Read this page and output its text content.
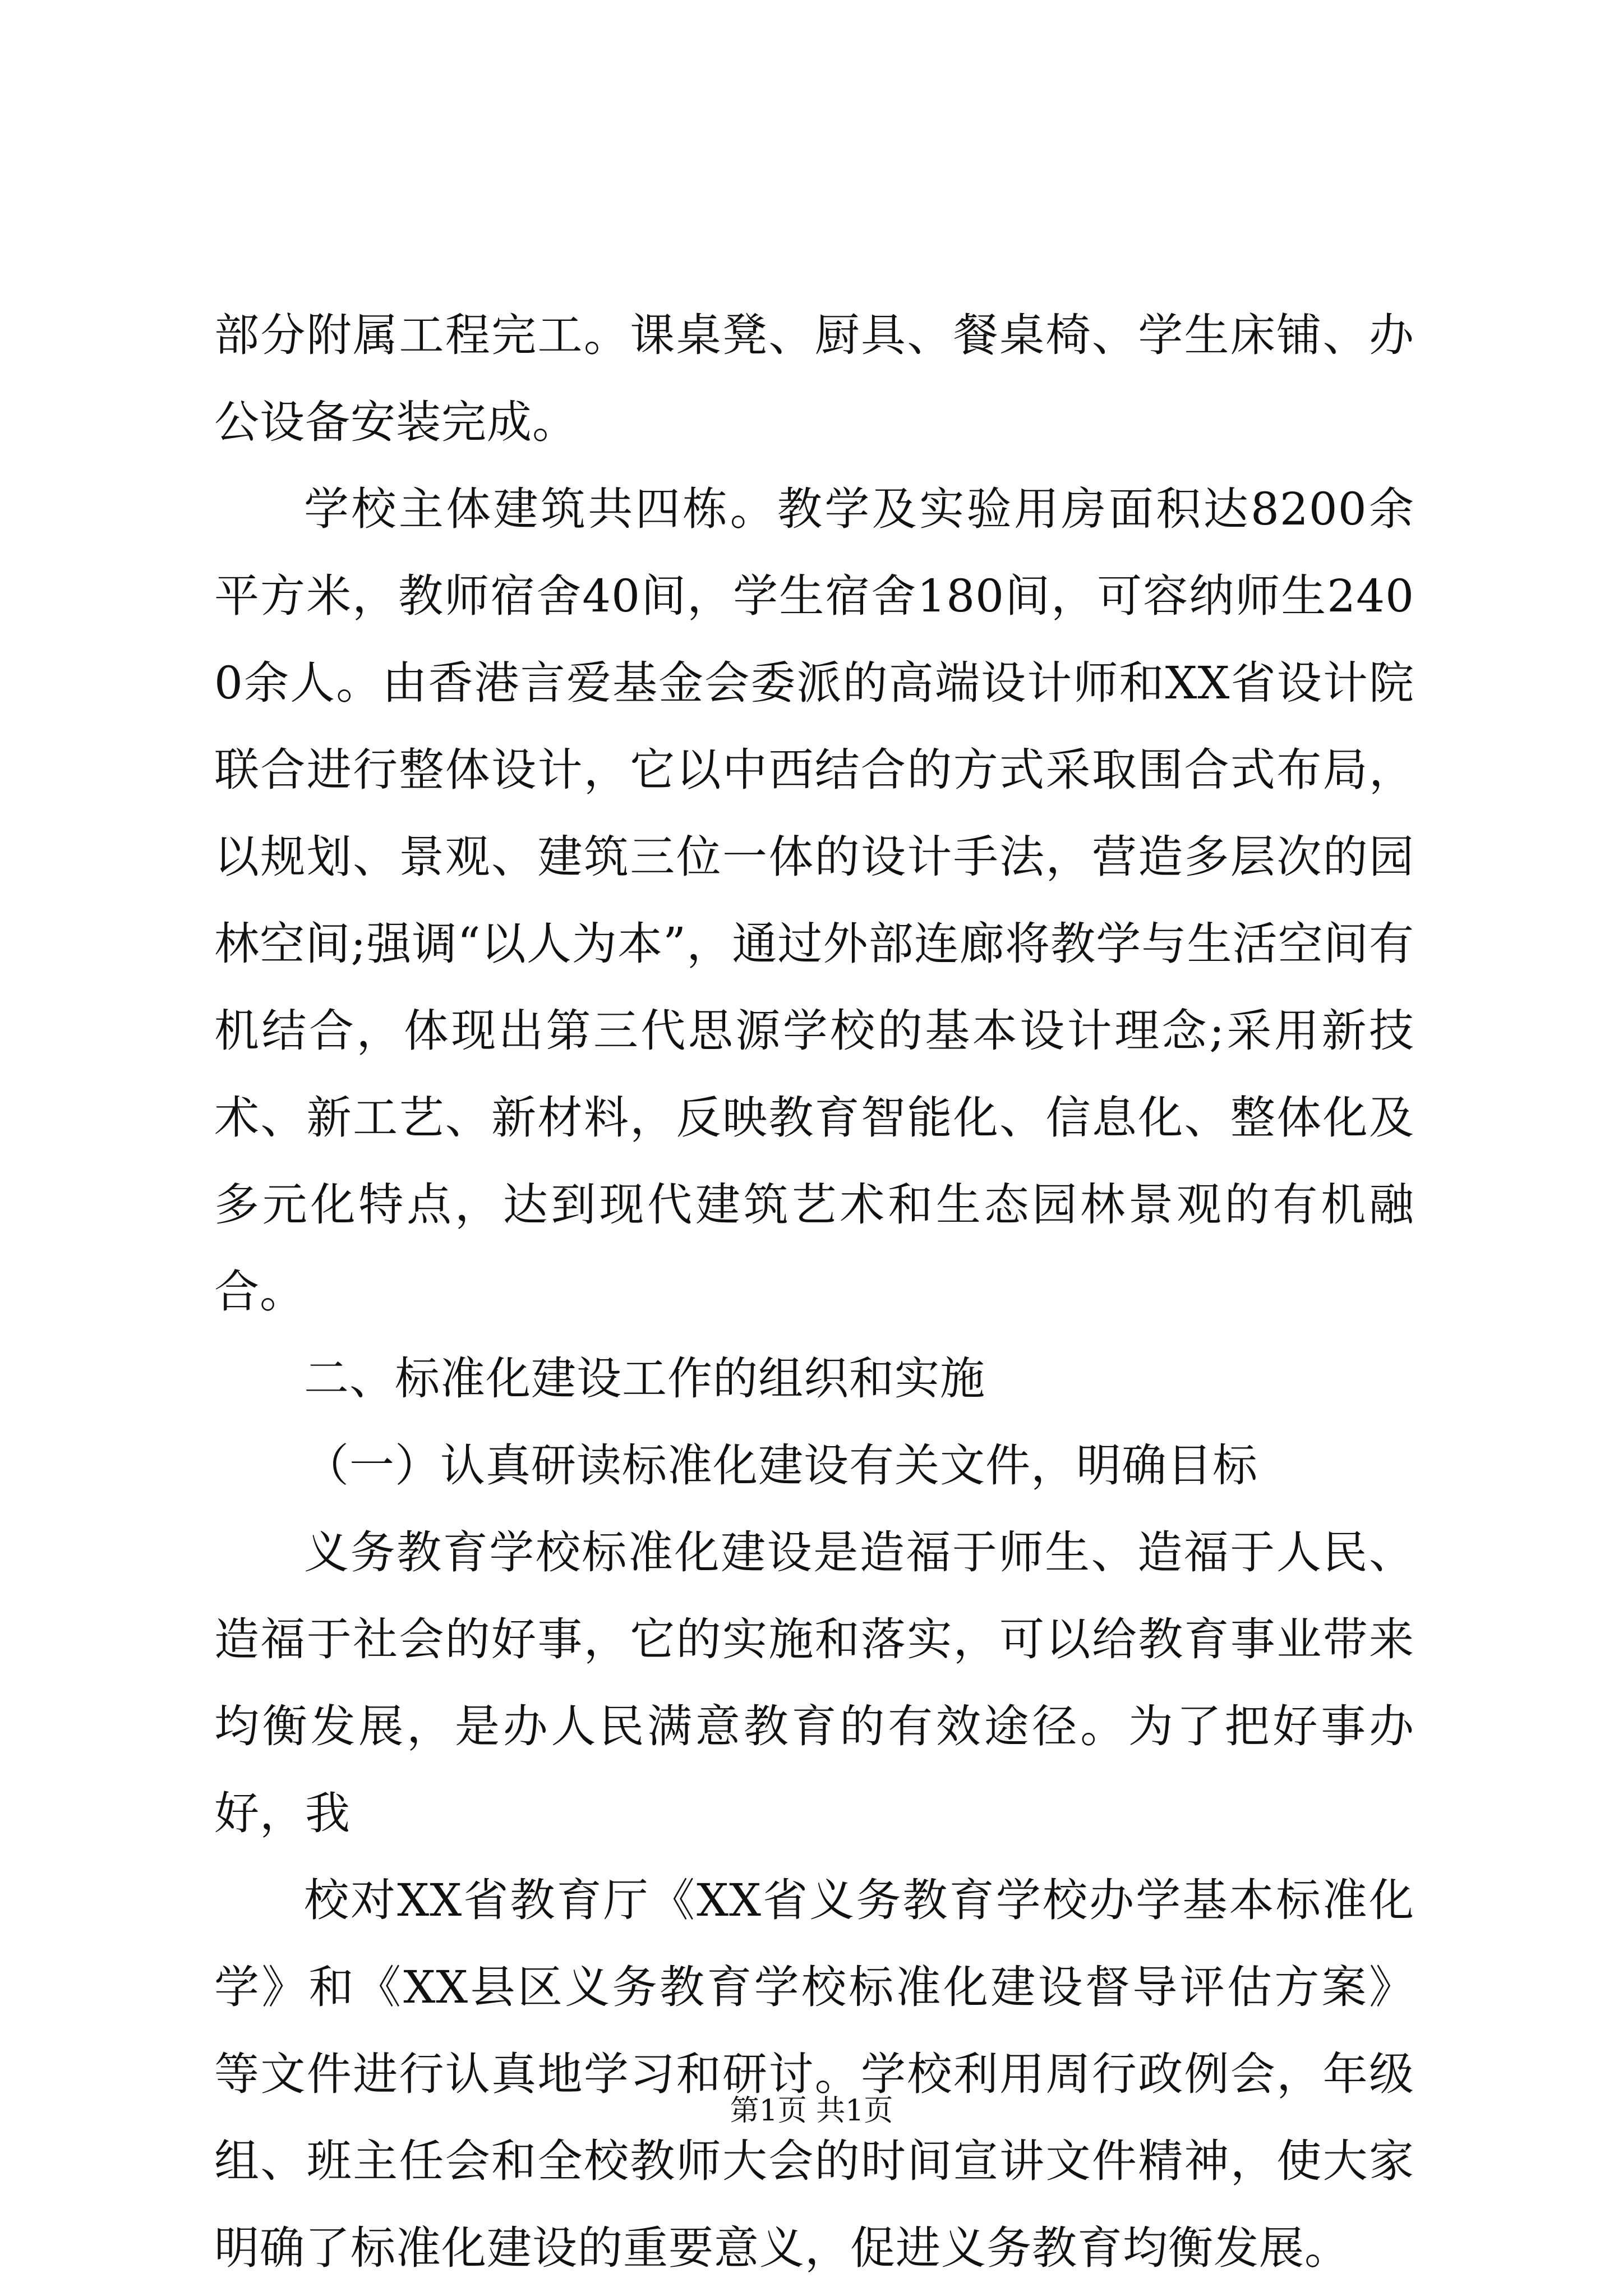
部分附属工程完工。课桌凳、厨具、餐桌椅、学生床铺、办公设备安装完成。

学校主体建筑共四栋。教学及实验用房面积达8200余平方米，教师宿舍40间，学生宿舍180间，可容纳师生2400余人。由香港言爱基金会委派的高端设计师和XX省设计院联合进行整体设计，它以中西结合的方式采取围合式布局，以规划、景观、建筑三位一体的设计手法，营造多层次的园林空间;强调“以人为本”，通过外部连廊将教学与生活空间有机结合，体现出第三代思源学校的基本设计理念;采用新技术、新工艺、新材料，反映教育智能化、信息化、整体化及多元化特点，达到现代建筑艺术和生态园林景观的有机融合。

二、标准化建设工作的组织和实施

（一）认真研读标准化建设有关文件，明确目标

义务教育学校标准化建设是造福于师生、造福于人民、造福于社会的好事，它的实施和落实，可以给教育事业带来均衡发展，是办人民满意教育的有效途径。为了把好事办好，我

校对XX省教育厅《XX省义务教育学校办学基本标准化学》和《XX县区义务教育学校标准化建设督导评估方案》等文件进行认真地学习和研讨。学校利用周行政例会，年级组、班主任会和全校教师大会的时间宣讲文件精神，使大家明确了标准化建设的重要意义，促进义务教育均衡发展。

第1页 共1页
